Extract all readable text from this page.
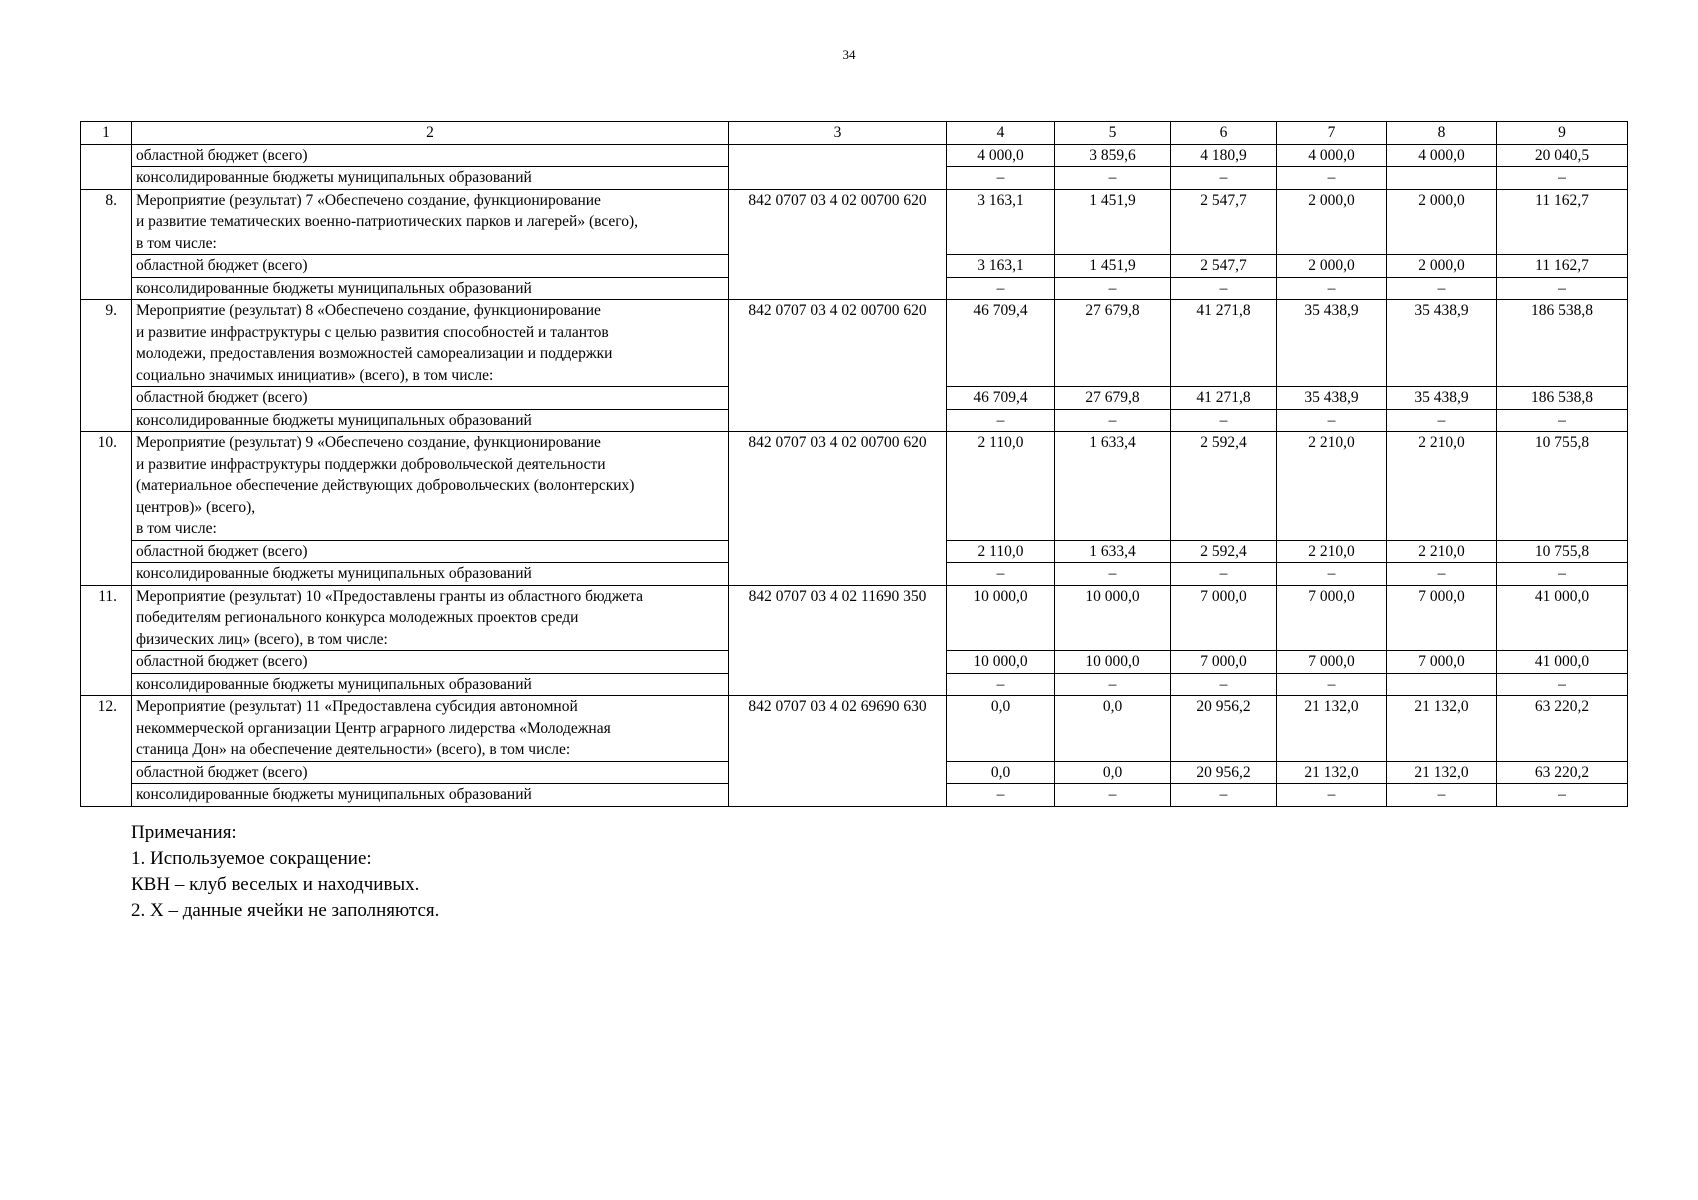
34
1	2	3	4	5	6	7	8	9
	областной бюджет (всего)		4 000,0	3 859,6	4 180,9	4 000,0	4 000,0	20 040,5
	консолидированные бюджеты муниципальных образований		–	–	–	–		–
8.	Мероприятие (результат) 7 «Обеспечено создание, функционирование
и развитие тематических военно-патриотических парков и лагерей» (всего),
в том числе:	842 0707 03 4 02 00700 620	3 163,1	1 451,9	2 547,7	2 000,0	2 000,0	11 162,7
	областной бюджет (всего)		3 163,1	1 451,9	2 547,7	2 000,0	2 000,0	11 162,7
	консолидированные бюджеты муниципальных образований		–	–	–	–	–	–
9.	Мероприятие (результат) 8 «Обеспечено создание, функционирование
и развитие инфраструктуры с целью развития способностей и талантов
молодежи, предоставления возможностей самореализации и поддержки
социально значимых инициатив» (всего), в том числе:	842 0707 03 4 02 00700 620	46 709,4	27 679,8	41 271,8	35 438,9	35 438,9	186 538,8
	областной бюджет (всего)		46 709,4	27 679,8	41 271,8	35 438,9	35 438,9	186 538,8
	консолидированные бюджеты муниципальных образований		–	–	–	–	–	–
10.	Мероприятие (результат) 9 «Обеспечено создание, функционирование
и развитие инфраструктуры поддержки добровольческой деятельности
(материальное обеспечение действующих добровольческих (волонтерских)
центров)» (всего),
в том числе:	842 0707 03 4 02 00700 620	2 110,0	1 633,4	2 592,4	2 210,0	2 210,0	10 755,8
	областной бюджет (всего)		2 110,0	1 633,4	2 592,4	2 210,0	2 210,0	10 755,8
	консолидированные бюджеты муниципальных образований		–	–	–	–	–	–
11.	Мероприятие (результат) 10 «Предоставлены гранты из областного бюджета
победителям регионального конкурса молодежных проектов среди
физических лиц» (всего), в том числе:	842 0707 03 4 02 11690 350	10 000,0	10 000,0	7 000,0	7 000,0	7 000,0	41 000,0
	областной бюджет (всего)		10 000,0	10 000,0	7 000,0	7 000,0	7 000,0	41 000,0
	консолидированные бюджеты муниципальных образований		–	–	–	–		–
12.	Мероприятие (результат) 11 «Предоставлена субсидия автономной
некоммерческой организации Центр аграрного лидерства «Молодежная
станица Дон» на обеспечение деятельности» (всего), в том числе:	842 0707 03 4 02 69690 630	0,0	0,0	20 956,2	21 132,0	21 132,0	63 220,2
	областной бюджет (всего)		0,0	0,0	20 956,2	21 132,0	21 132,0	63 220,2
	консолидированные бюджеты муниципальных образований		–	–	–	–	–	–
Примечания:
1. Используемое сокращение:
КВН – клуб веселых и находчивых.
2. Х – данные ячейки не заполняются.
